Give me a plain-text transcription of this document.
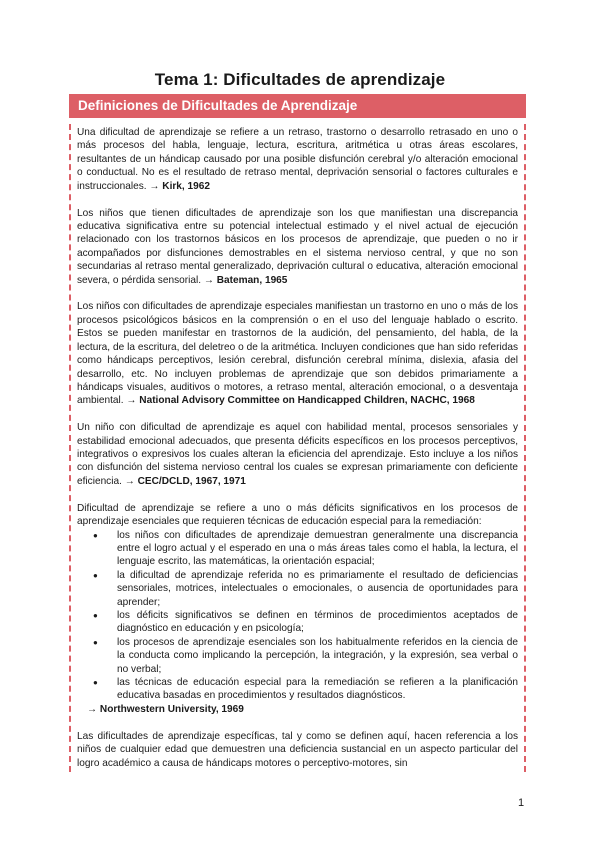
Tema 1: Dificultades de aprendizaje
Definiciones de Dificultades de Aprendizaje

Una dificultad de aprendizaje se refiere a un retraso, trastorno o desarrollo retrasado en uno o más procesos del habla, lenguaje, lectura, escritura, aritmética u otras áreas escolares, resultantes de un hándicap causado por una posible disfunción cerebral y/o alteración emocional o conductual. No es el resultado de retraso mental, deprivación sensorial o factores culturales e instruccionales. → Kirk, 1962

Los niños que tienen dificultades de aprendizaje son los que manifiestan una discrepancia educativa significativa entre su potencial intelectual estimado y el nivel actual de ejecución relacionado con los trastornos básicos en los procesos de aprendizaje, que pueden o no ir acompañados por disfunciones demostrables en el sistema nervioso central, y que no son secundarias al retraso mental generalizado, deprivación cultural o educativa, alteración emocional severa, o pérdida sensorial. → Bateman, 1965

Los niños con dificultades de aprendizaje especiales manifiestan un trastorno en uno o más de los procesos psicológicos básicos en la comprensión o en el uso del lenguaje hablado o escrito. Estos se pueden manifestar en trastornos de la audición, del pensamiento, del habla, de la lectura, de la escritura, del deletreo o de la aritmética. Incluyen condiciones que han sido referidas como hándicaps perceptivos, lesión cerebral, disfunción cerebral mínima, dislexia, afasia del desarrollo, etc. No incluyen problemas de aprendizaje que son debidos primariamente a hándicaps visuales, auditivos o motores, a retraso mental, alteración emocional, o a desventaja ambiental. → National Advisory Committee on Handicapped Children, NACHC, 1968

Un niño con dificultad de aprendizaje es aquel con habilidad mental, procesos sensoriales y estabilidad emocional adecuados, que presenta déficits específicos en los procesos perceptivos, integrativos o expresivos los cuales alteran la eficiencia del aprendizaje. Esto incluye a los niños con disfunción del sistema nervioso central los cuales se expresan primariamente con deficiente eficiencia. → CEC/DCLD, 1967, 1971

Dificultad de aprendizaje se refiere a uno o más déficits significativos en los procesos de aprendizaje esenciales que requieren técnicas de educación especial para la remediación:

● los niños con dificultades de aprendizaje demuestran generalmente una discrepancia entre el logro actual y el esperado en una o más áreas tales como el habla, la lectura, el lenguaje escrito, las matemáticas, la orientación espacial;
● la dificultad de aprendizaje referida no es primariamente el resultado de deficiencias sensoriales, motrices, intelectuales o emocionales, o ausencia de oportunidades para aprender;
● los déficits significativos se definen en términos de procedimientos aceptados de diagnóstico en educación y en psicología;
● los procesos de aprendizaje esenciales son los habitualmente referidos en la ciencia de la conducta como implicando la percepción, la integración, y la expresión, sea verbal o no verbal;
● las técnicas de educación especial para la remediación se refieren a la planificación educativa basadas en procedimientos y resultados diagnósticos.
→ Northwestern University, 1969

Las dificultades de aprendizaje específicas, tal y como se definen aquí, hacen referencia a los niños de cualquier edad que demuestren una deficiencia sustancial en un aspecto particular del logro académico a causa de hándicaps motores o perceptivo-motores, sin

1
